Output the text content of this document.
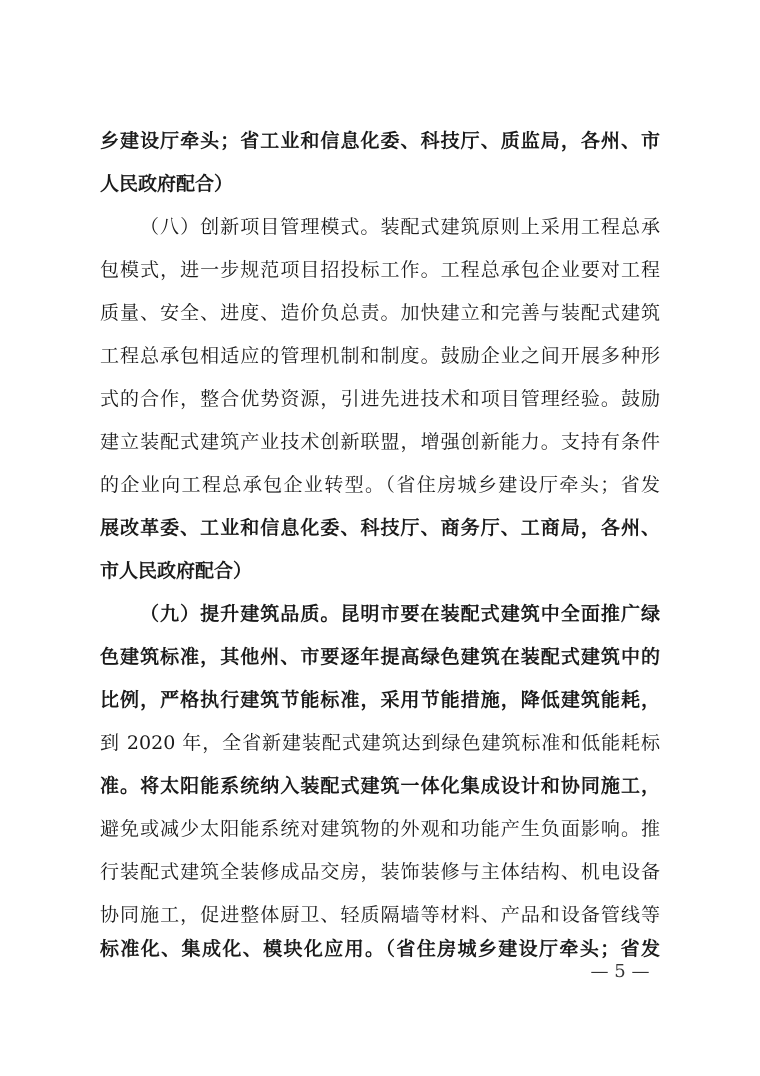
乡建设厅牵头；省工业和信息化委、科技厅、质监局，各州、市
人民政府配合）
（八）创新项目管理模式。装配式建筑原则上采用工程总承
包模式，进一步规范项目招投标工作。工程总承包企业要对工程
质量、安全、进度、造价负总责。加快建立和完善与装配式建筑
工程总承包相适应的管理机制和制度。鼓励企业之间开展多种形
式的合作，整合优势资源，引进先进技术和项目管理经验。鼓励
建立装配式建筑产业技术创新联盟，增强创新能力。支持有条件
的企业向工程总承包企业转型。（省住房城乡建设厅牵头；省发
展改革委、工业和信息化委、科技厅、商务厅、工商局，各州、
市人民政府配合）
（九）提升建筑品质。昆明市要在装配式建筑中全面推广绿
色建筑标准，其他州、市要逐年提高绿色建筑在装配式建筑中的
比例，严格执行建筑节能标准，采用节能措施，降低建筑能耗，
到 2020 年，全省新建装配式建筑达到绿色建筑标准和低能耗标
准。将太阳能系统纳入装配式建筑一体化集成设计和协同施工，
避免或减少太阳能系统对建筑物的外观和功能产生负面影响。推
行装配式建筑全装修成品交房，装饰装修与主体结构、机电设备
协同施工，促进整体厨卫、轻质隔墙等材料、产品和设备管线等
标准化、集成化、模块化应用。（省住房城乡建设厅牵头；省发
— 5 —
